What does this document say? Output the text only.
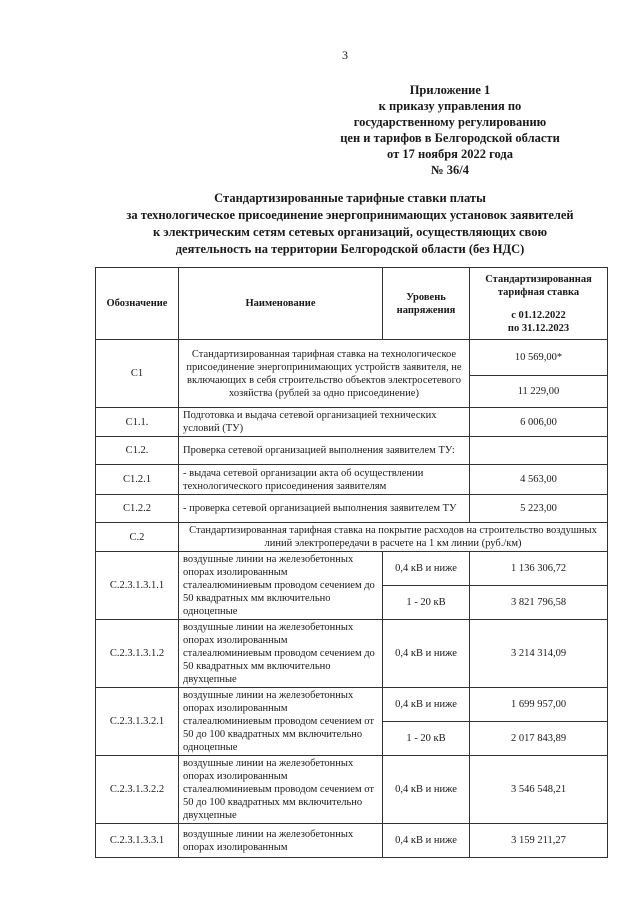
3
Приложение 1
к приказу управления по
государственному регулированию
цен и тарифов в Белгородской области
от 17 ноября 2022 года
№ 36/4
Стандартизированные тарифные ставки платы
за технологическое присоединение энергопринимающих установок заявителей
к электрическим сетям сетевых организаций, осуществляющих свою
деятельность на территории Белгородской области (без НДС)
Обозначение	Наименование	Уровень напряжения	Стандартизированная тарифная ставка
с 01.12.2022
по 31.12.2023

С1	Стандартизированная тарифная ставка на технологическое присоединение энергопринимающих устройств заявителя, не включающих в себя строительство объектов электросетевого хозяйства (рублей за одно присоединение)		10 569,00*
			11 229,00
С1.1.	Подготовка и выдача сетевой организацией технических условий (ТУ)		6 006,00
С1.2.	Проверка сетевой организацией выполнения заявителем ТУ:		
С1.2.1	- выдача сетевой организации акта об осуществлении технологического присоединения заявителям		4 563,00
С1.2.2	- проверка сетевой организацией выполнения заявителем ТУ		5 223,00
С.2	Стандартизированная тарифная ставка на покрытие расходов на строительство воздушных линий электропередачи в расчете на 1 км линии (руб./км)		
С.2.3.1.3.1.1	воздушные линии на железобетонных опорах изолированным сталеалюминиевым проводом сечением до 50 квадратных мм включительно одноцепные	0,4 кВ и ниже	1 136 306,72
		1 - 20 кВ	3 821 796,58
С.2.3.1.3.1.2	воздушные линии на железобетонных опорах изолированным сталеалюминиевым проводом сечением до 50 квадратных мм включительно двухцепные	0,4 кВ и ниже	3 214 314,09
С.2.3.1.3.2.1	воздушные линии на железобетонных опорах изолированным сталеалюминиевым проводом сечением от 50 до 100 квадратных мм включительно одноцепные	0,4 кВ и ниже	1 699 957,00
		1 - 20 кВ	2 017 843,89
С.2.3.1.3.2.2	воздушные линии на железобетонных опорах изолированным сталеалюминиевым проводом сечением от 50 до 100 квадратных мм включительно двухцепные	0,4 кВ и ниже	3 546 548,21
С.2.3.1.3.3.1	воздушные линии на железобетонных опорах изолированным	0,4 кВ и ниже	3 159 211,27
